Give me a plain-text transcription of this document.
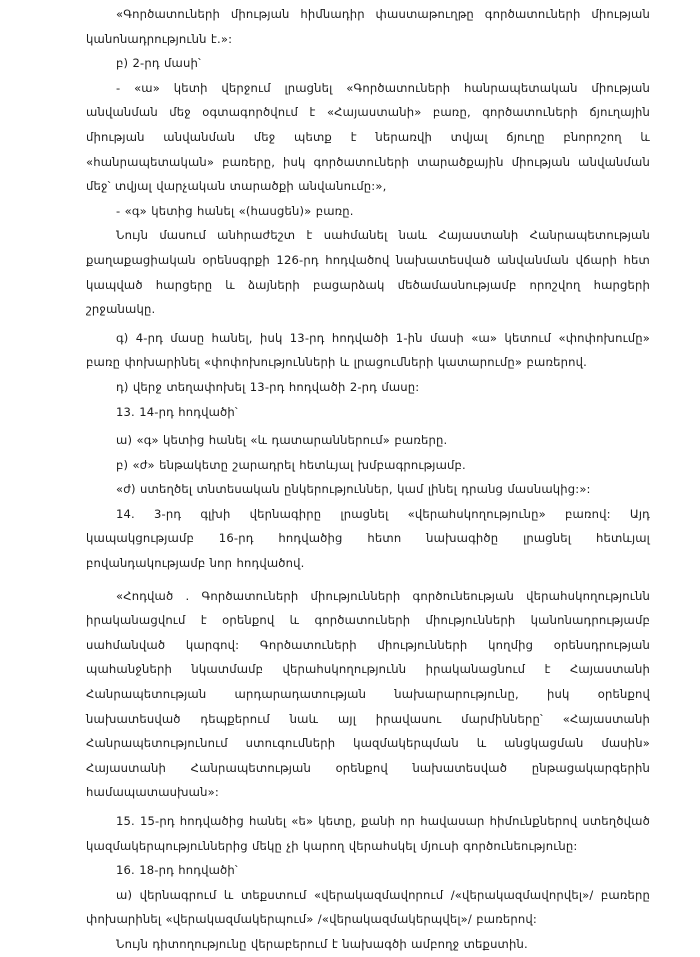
«Գործատուների միության հիմնադիր փաստաթուղթը գործատուների միության կանոնադրությունն է.»:

բ) 2-րդ մասի՝

- «ա» կետի վերջում լրացնել «Գործատուների հանրապետական միության անվանման մեջ օգտագործվում է «Հայաստանի» բառը, գործատուների ճյուղային միության անվանման մեջ պետք է ներառվի տվյալ ճյուղը բնորոշող և «հանրապետական» բառերը, իսկ գործատուների տարածքային միության անվանման մեջ՝ տվյալ վարչական տարածքի անվանումը:»,

- «գ» կետից հանել «(հասցեն)» բառը.

Նույն մասում անհրաժեշտ է սահմանել նաև Հայաստանի Հանրապետության քաղաքացիական օրենսգրքի 126-րդ հոդվածով նախատեսված անվանման վճարի հետ կապված հարցերը և ձայների բացարձակ մեծամասնությամբ որոշվող հարցերի շրջանակը.

գ) 4-րդ մասը հանել, իսկ 13-րդ հոդվածի 1-ին մասի «ա» կետում «փոփոխումը» բառը փոխարինել «փոփոխությունների և լրացումների կատարումը» բառերով.

դ) վերջ տեղափոխել 13-րդ հոդվածի 2-րդ մասը:

13. 14-րդ հոդվածի՝

ա) «գ» կետից հանել «և դատարաններում» բառերը.

բ) «ժ» ենթակետը շարադրել հետևյալ խմբագրությամբ.

«ժ) ստեղծել տնտեսական ընկերություններ, կամ լինել դրանց մասնակից:»:

14. 3-րդ գլխի վերնագիրը լրացնել «վերահսկողությունը» բառով: Այդ կապակցությամբ 16-րդ հոդվածից հետո նախագիծը լրացնել հետևյալ բովանդակությամբ նոր հոդվածով.

«Հոդված . Գործատուների միությունների գործունեության վերահսկողությունն իրականացվում է օրենքով և գործատուների միությունների կանոնադրությամբ սահմանված կարգով: Գործատուների միությունների կողմից օրենսդրության պահանջների նկատմամբ վերահսկողությունն իրականացնում է Հայաստանի Հանրապետության արդարադատության նախարարությունը, իսկ օրենքով նախատեսված դեպքերում նաև այլ իրավասու մարմինները՝ «Հայաստանի Հանրապետությունում ստուգումների կազմակերպման և անցկացման մասին» Հայաստանի Հանրապետության օրենքով նախատեսված ընթացակարգերին համապատասխան»:

15. 15-րդ հոդվածից հանել «ե» կետը, քանի որ հավասար հիմունքներով ստեղծված կազմակերպություններից մեկը չի կարող վերահսկել մյուսի գործունեությունը:

16. 18-րդ հոդվածի՝

ա) վերնագրում և տեքստում «վերակազմավորում /«վերակազմավորվել»/ բառերը փոխարինել «վերակազմակերպում» /«վերակազմակերպվել»/ բառերով:

Նույն դիտողությունը վերաբերում է նախագծի ամբողջ տեքստին.
